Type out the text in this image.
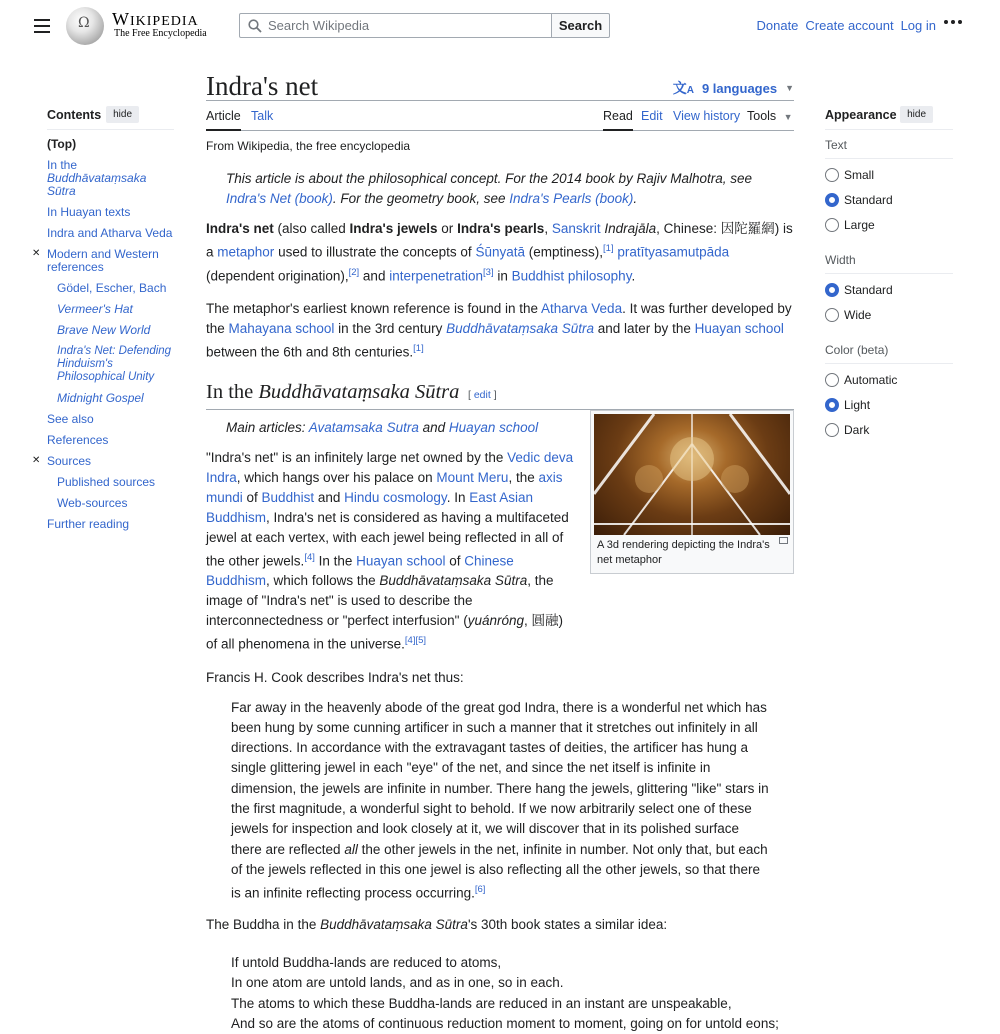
Ω
WIKIPEDIA
The Free Encyclopedia
Search Wikipedia
Search	Donate Create account Log in
Contents	hide
(Top)
In the Buddhāvataṃsaka Sūtra
In Huayan texts
Indra and Atharva Veda
✕ Modern and Western references
Gödel, Escher, Bach
Vermeer's Hat
Brave New World
Indra's Net: Defending Hinduism's Philosophical Unity
Midnight Gospel
See also
References
✕ Sources
Published sources
Web-sources
Further reading
Appearance	hide
Text
Small
Standard
Large
Width
Standard
Wide
Color (beta)
Automatic
Light
Dark
Indra's net	文A 9 languages ▼
Article Talk	Read Edit View history Tools ▼
From Wikipedia, the free encyclopedia
This article is about the philosophical concept. For the 2014 book by Rajiv Malhotra, see Indra's Net (book). For the geometry book, see Indra's Pearls (book).

Indra's net (also called Indra's jewels or Indra's pearls, Sanskrit Indrajāla, Chinese: 因陀羅網) is a metaphor used to illustrate the concepts of Śūnyatā (emptiness),[1] pratītyasamutpāda (dependent origination),[2] and interpenetration[3] in Buddhist philosophy.

The metaphor's earliest known reference is found in the Atharva Veda. It was further developed by the Mahayana school in the 3rd century Buddhāvataṃsaka Sūtra and later by the Huayan school between the 6th and 8th centuries.[1]

In the Buddhāvataṃsaka Sūtra [ edit ]
Main articles: Avatamsaka Sutra and Huayan school

"Indra's net" is an infinitely large net owned by the Vedic deva Indra, which hangs over his palace on Mount Meru, the axis mundi of Buddhist and Hindu cosmology. In East Asian Buddhism, Indra's net is considered as having a multifaceted jewel at each vertex, with each jewel being reflected in all of the other jewels.[4] In the Huayan school of Chinese Buddhism, which follows the Buddhāvataṃsaka Sūtra, the image of "Indra's net" is used to describe the interconnectedness or "perfect interfusion" (yuánróng, 圓融) of all phenomena in the universe.[4][5]

A 3d rendering depicting the Indra's net metaphor

Francis H. Cook describes Indra's net thus:

Far away in the heavenly abode of the great god Indra, there is a wonderful net which has been hung by some cunning artificer in such a manner that it stretches out infinitely in all directions. In accordance with the extravagant tastes of deities, the artificer has hung a single glittering jewel in each "eye" of the net, and since the net itself is infinite in dimension, the jewels are infinite in number. There hang the jewels, glittering "like" stars in the first magnitude, a wonderful sight to behold. If we now arbitrarily select one of these jewels for inspection and look closely at it, we will discover that in its polished surface there are reflected all the other jewels in the net, infinite in number. Not only that, but each of the jewels reflected in this one jewel is also reflecting all the other jewels, so that there is an infinite reflecting process occurring.[6]

The Buddha in the Buddhāvataṃsaka Sūtra's 30th book states a similar idea:

If untold Buddha-lands are reduced to atoms,
In one atom are untold lands, and as in one, so in each.
The atoms to which these Buddha-lands are reduced in an instant are unspeakable,
And so are the atoms of continuous reduction moment to moment, going on for untold eons;
